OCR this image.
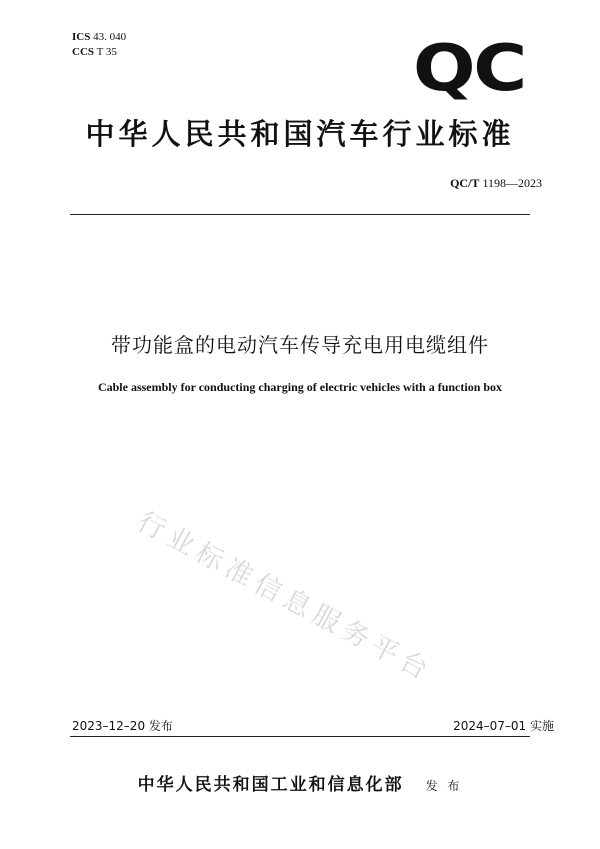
ICS 43. 040
CCS T 35	QC
中华人民共和国汽车行业标准
QC/T 1198—2023
带功能盒的电动汽车传导充电用电缆组件
Cable assembly for conducting charging of electric vehicles with a function box
行业标准信息服务平台
2023–12–20 发布	2024–07–01 实施
中华人民共和国工业和信息化部 发 布
